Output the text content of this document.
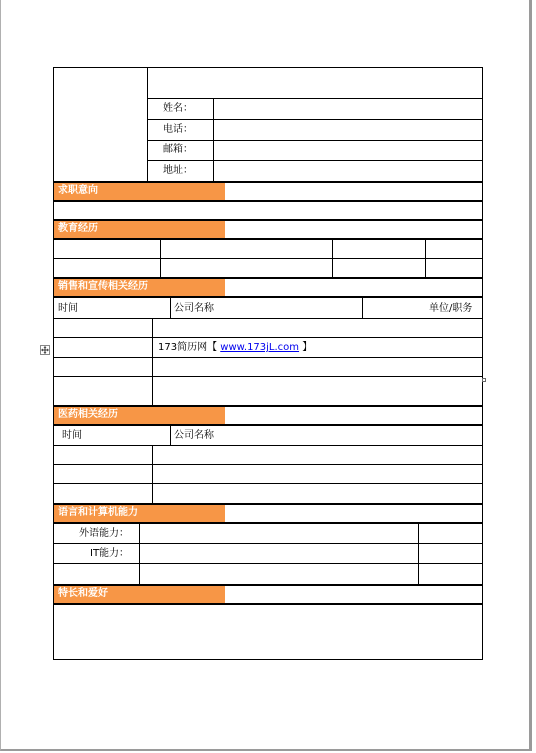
姓名：
电话：
邮箱：
地址：
求职意向
教育经历
销售和宣传相关经历
时间	公司名称	单位/职务
173简历网【 www.173jL.com 】
医药相关经历
时间	公司名称
语言和计算机能力
外语能力：
IT能力：
特长和爱好
